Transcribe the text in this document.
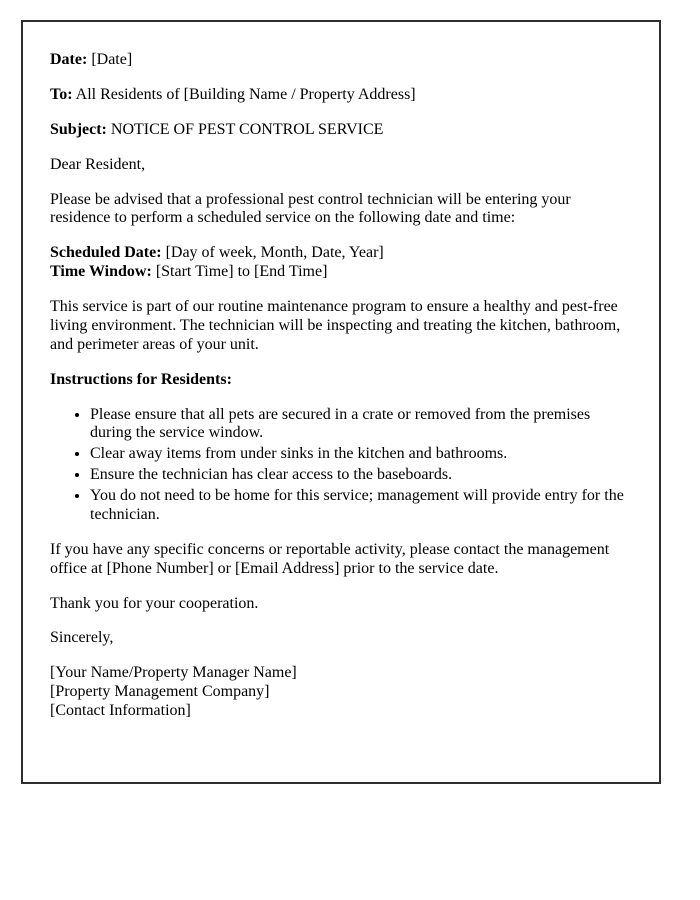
Date: [Date]

To: All Residents of [Building Name / Property Address]

Subject: NOTICE OF PEST CONTROL SERVICE

Dear Resident,

Please be advised that a professional pest control technician will be entering your residence to perform a scheduled service on the following date and time:

Scheduled Date: [Day of week, Month, Date, Year]
Time Window: [Start Time] to [End Time]

This service is part of our routine maintenance program to ensure a healthy and pest-free living environment. The technician will be inspecting and treating the kitchen, bathroom, and perimeter areas of your unit.

Instructions for Residents:

• Please ensure that all pets are secured in a crate or removed from the premises during the service window.
• Clear away items from under sinks in the kitchen and bathrooms.
• Ensure the technician has clear access to the baseboards.
• You do not need to be home for this service; management will provide entry for the technician.

If you have any specific concerns or reportable activity, please contact the management office at [Phone Number] or [Email Address] prior to the service date.

Thank you for your cooperation.

Sincerely,

[Your Name/Property Manager Name]
[Property Management Company]
[Contact Information]
